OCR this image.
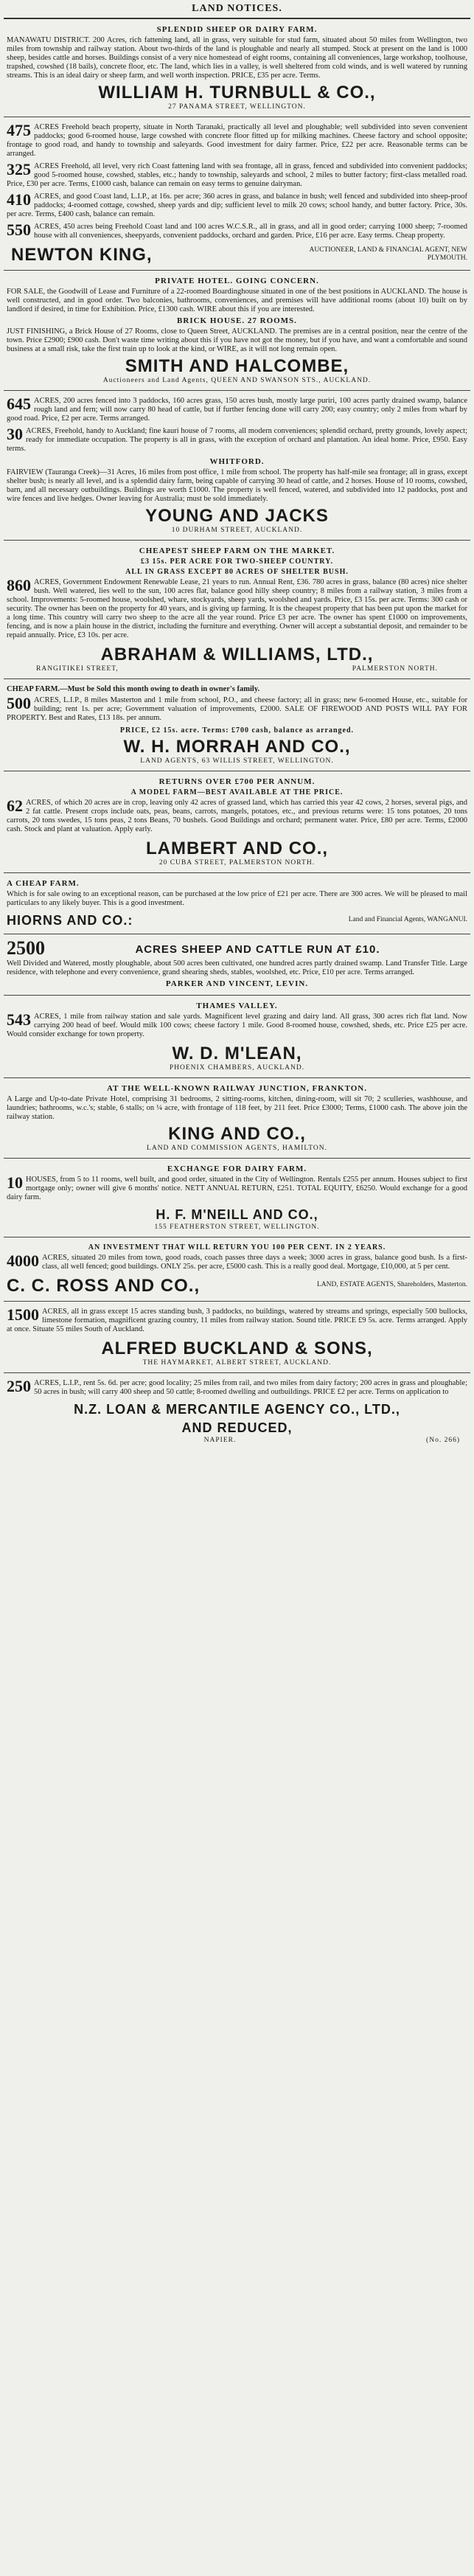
LAND NOTICES.
SPLENDID SHEEP OR DAIRY FARM.

MANAWATU DISTRICT. 200 Acres, rich fattening land, all in grass, very suitable for stud farm, situated about 50 miles from Wellington, two miles from township and railway station. About two-thirds of the land is ploughable and nearly all stumped. Stock at present on the land is 1000 sheep, besides cattle and horses. Buildings consist of a very nice homestead of eight rooms, containing all conveniences, large workshop, toolhouse, trapshed, cowshed (18 bails), concrete floor, etc. The land, which lies in a valley, is well sheltered from cold winds, and is well watered by running streams. This is an ideal dairy or sheep farm, and well worth inspection. PRICE, £35 per acre. Terms.

WILLIAM H. TURNBULL & CO.,
27 PANAMA STREET, WELLINGTON.

475 ACRES Freehold beach property, situate in North Taranaki, practically all level and ploughable; well subdivided into seven convenient paddocks; good 6-roomed house, large cowshed with concrete floor fitted up for milking machines. Cheese factory and school opposite; frontage to good road, and handy to township and saleyards. Good investment for dairy farmer. Price, £22 per acre. Reasonable terms can be arranged.

325 ACRES Freehold, all level, very rich Coast fattening land with sea frontage, all in grass, fenced and subdivided into convenient paddocks; good 5-roomed house, cowshed, stables, etc.; handy to township, saleyards and school, 2 miles to butter factory; first-class metalled road. Price, £30 per acre. Terms, £1000 cash, balance can remain on easy terms to genuine dairyman.

410 ACRES, and good Coast land, L.I.P., at 16s. per acre; 360 acres in grass, and balance in bush; well fenced and subdivided into sheep-proof paddocks; 4-roomed cottage, cowshed, sheep yards and dip; sufficient level to milk 20 cows; school handy, and butter factory. Price, 30s. per acre. Terms, £400 cash, balance can remain.

550 ACRES, 450 acres being Freehold Coast land and 100 acres W.C.S.R., all in grass, and all in good order; carrying 1000 sheep; 7-roomed house with all conveniences, sheepyards, convenient paddocks, orchard and garden. Price, £16 per acre. Easy terms. Cheap property.

NEWTON KING,	AUCTIONEER, LAND & FINANCIAL AGENT, NEW PLYMOUTH.
PRIVATE HOTEL. GOING CONCERN.

FOR SALE, the Goodwill of Lease and Furniture of a 22-roomed Boardinghouse situated in one of the best positions in AUCKLAND. The house is well constructed, and in good order. Two balconies, bathrooms, conveniences, and premises will have additional rooms (about 10) built on by landlord if desired, in time for Exhibition. Price, £1300 cash. WIRE about this if you are interested.

BRICK HOUSE. 27 ROOMS.

JUST FINISHING, a Brick House of 27 Rooms, close to Queen Street, AUCKLAND. The premises are in a central position, near the centre of the town. Price £2900; £900 cash. Don't waste time writing about this if you have not got the money, but if you have, and want a comfortable and sound business at a small risk, take the first train up to look at the kind, or WIRE, as it will not long remain open.

SMITH AND HALCOMBE,
Auctioneers and Land Agents, QUEEN AND SWANSON STS., AUCKLAND.

645 ACRES, 200 acres fenced into 3 paddocks, 160 acres grass, 150 acres bush, mostly large puriri, 100 acres partly drained swamp, balance rough land and fern; will now carry 80 head of cattle, but if further fencing done will carry 200; easy country; only 2 miles from wharf by good road. Price, £2 per acre. Terms arranged.

30 ACRES, Freehold, handy to Auckland; fine kauri house of 7 rooms, all modern conveniences; splendid orchard, pretty grounds, lovely aspect; ready for immediate occupation. The property is all in grass, with the exception of orchard and plantation. An ideal home. Price, £950. Easy terms.

WHITFORD.

FAIRVIEW (Tauranga Creek)—31 Acres, 16 miles from post office, 1 mile from school. The property has half-mile sea frontage; all in grass, except shelter bush; is nearly all level, and is a splendid dairy farm, being capable of carrying 30 head of cattle, and 2 horses. House of 10 rooms, cowshed, barn, and all necessary outbuildings. Buildings are worth £1000. The property is well fenced, watered, and subdivided into 12 paddocks, post and wire fences and live hedges. Owner leaving for Australia; must be sold immediately.

YOUNG AND JACKS
10 DURHAM STREET, AUCKLAND.
CHEAPEST SHEEP FARM ON THE MARKET.
£3 15s. PER ACRE FOR TWO-SHEEP COUNTRY.
ALL IN GRASS EXCEPT 80 ACRES OF SHELTER BUSH.

860 ACRES, Government Endowment Renewable Lease, 21 years to run. Annual Rent, £36. 780 acres in grass, balance (80 acres) nice shelter bush. Well watered, lies well to the sun, 100 acres flat, balance good hilly sheep country; 8 miles from a railway station, 3 miles from a school. Improvements: 5-roomed house, woolshed, whare, stockyards, sheep yards, woolshed and yards. Price, £3 15s. per acre. Terms: 300 cash or security. The owner has been on the property for 40 years, and is giving up farming. It is the cheapest property that has been put upon the market for a long time. This country will carry two sheep to the acre all the year round. Price £3 per acre. The owner has spent £1000 on improvements, fencing, and is now a plain house in the district, including the furniture and everything. Owner will accept a substantial deposit, and remainder to be repaid annually. Price, £3 10s. per acre.

ABRAHAM & WILLIAMS, LTD.,
RANGITIKEI STREET,	PALMERSTON NORTH.

CHEAP FARM.—Must be Sold this month owing to death in owner's family.

500 ACRES, L.I.P., 8 miles Masterton and 1 mile from school, P.O., and cheese factory; all in grass; new 6-roomed House, etc., suitable for building; rent 1s. per acre; Government valuation of improvements, £2000. SALE OF FIREWOOD AND POSTS WILL PAY FOR PROPERTY. Best and Rates, £13 18s. per annum.

PRICE, £2 15s. acre. Terms: £700 cash, balance as arranged.
W. H. MORRAH AND CO.,
LAND AGENTS, 63 WILLIS STREET, WELLINGTON.
RETURNS OVER £700 PER ANNUM.
A MODEL FARM—BEST AVAILABLE AT THE PRICE.

62 ACRES, of which 20 acres are in crop, leaving only 42 acres of grassed land, which has carried this year 42 cows, 2 horses, several pigs, and 2 fat cattle. Present crops include oats, peas, beans, carrots, mangels, potatoes, etc., and previous returns were: 15 tons potatoes, 20 tons carrots, 20 tons swedes, 15 tons peas, 2 tons Beans, 70 bushels. Good Buildings and orchard; permanent water. Price, £80 per acre. Terms, £2000 cash. Stock and plant at valuation. Apply early.

LAMBERT AND CO.,
20 CUBA STREET, PALMERSTON NORTH.
A CHEAP FARM.

Which is for sale owing to an exceptional reason, can be purchased at the low price of £21 per acre. There are 300 acres. We will be pleased to mail particulars to any likely buyer. This is a good investment.

HIORNS AND CO.:	Land and Financial Agents, WANGANUI.
2500	ACRES SHEEP AND CATTLE RUN AT £10.

Well Divided and Watered, mostly ploughable, about 500 acres been cultivated, one hundred acres partly drained swamp. Land Transfer Title. Large residence, with telephone and every convenience, grand shearing sheds, stables, woolshed, etc. Price, £10 per acre. Terms arranged.

PARKER AND VINCENT, LEVIN.
THAMES VALLEY.

543 ACRES, 1 mile from railway station and sale yards. Magnificent level grazing and dairy land. All grass, 300 acres rich flat land. Now carrying 200 head of beef. Would milk 100 cows; cheese factory 1 mile. Good 8-roomed house, cowshed, sheds, etc. Price £25 per acre. Would consider exchange for town property.

W. D. M'LEAN,
PHOENIX CHAMBERS, AUCKLAND.
AT THE WELL-KNOWN RAILWAY JUNCTION, FRANKTON.

A Large and Up-to-date Private Hotel, comprising 31 bedrooms, 2 sitting-rooms, kitchen, dining-room, will sit 70; 2 sculleries, washhouse, and laundries; bathrooms, w.c.'s; stable, 6 stalls; on ¼ acre, with frontage of 118 feet, by 211 feet. Price £3000; Terms, £1000 cash. The above join the railway station.

KING AND CO.,
LAND AND COMMISSION AGENTS, HAMILTON.
EXCHANGE FOR DAIRY FARM.

10 HOUSES, from 5 to 11 rooms, well built, and good order, situated in the City of Wellington. Rentals £255 per annum. Houses subject to first mortgage only; owner will give 6 months' notice. NETT ANNUAL RETURN, £251. TOTAL EQUITY, £6250. Would exchange for a good dairy farm.

H. F. M'NEILL AND CO.,
155 FEATHERSTON STREET, WELLINGTON.
AN INVESTMENT THAT WILL RETURN YOU 100 PER CENT. IN 2 YEARS.

4000 ACRES, situated 20 miles from town, good roads, coach passes three days a week; 3000 acres in grass, balance good bush. Is a first-class, all well fenced; good buildings. ONLY 25s. per acre, £5000 cash. This is a really good deal. Mortgage, £10,000, at 5 per cent.

C. C. ROSS AND CO.,	LAND, ESTATE AGENTS, Shareholders, Masterton.

1500 ACRES, all in grass except 15 acres standing bush, 3 paddocks, no buildings, watered by streams and springs, especially 500 bullocks, limestone formation, magnificent grazing country, 11 miles from railway station. Sound title. PRICE £9 5s. acre. Terms arranged. Apply at once. Situate 55 miles South of Auckland.

ALFRED BUCKLAND & SONS,
THE HAYMARKET, ALBERT STREET, AUCKLAND.

250 ACRES, L.I.P., rent 5s. 6d. per acre; good locality; 25 miles from rail, and two miles from dairy factory; 200 acres in grass and ploughable; 50 acres in bush; will carry 400 sheep and 50 cattle; 8-roomed dwelling and outbuildings. PRICE £2 per acre. Terms on application to

N.Z. LOAN & MERCANTILE AGENCY CO., LTD.,
AND REDUCED,
NAPIER.	(No. 266)
